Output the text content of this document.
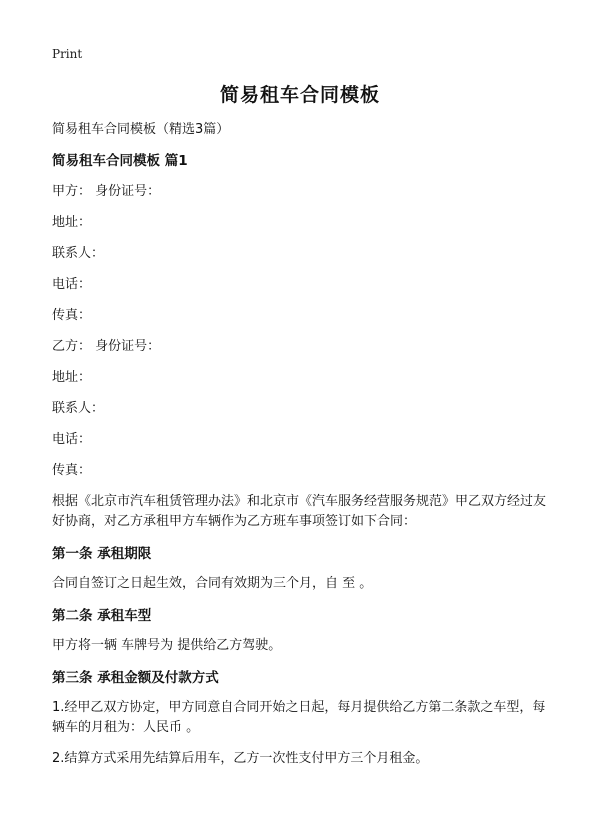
Print
简易租车合同模板
简易租车合同模板（精选3篇）
简易租车合同模板 篇1
甲方： 身份证号：
地址：
联系人：
电话：
传真：
乙方： 身份证号：
地址：
联系人：
电话：
传真：
根据《北京市汽车租赁管理办法》和北京市《汽车服务经营服务规范》甲乙双方经过友好协商，对乙方承租甲方车辆作为乙方班车事项签订如下合同：
第一条 承租期限
合同自签订之日起生效，合同有效期为三个月，自 至 。
第二条 承租车型
甲方将一辆 车牌号为 提供给乙方驾驶。
第三条 承租金额及付款方式
1.经甲乙双方协定，甲方同意自合同开始之日起，每月提供给乙方第二条款之车型，每辆车的月租为：人民币 。
2.结算方式采用先结算后用车，乙方一次性支付甲方三个月租金。
